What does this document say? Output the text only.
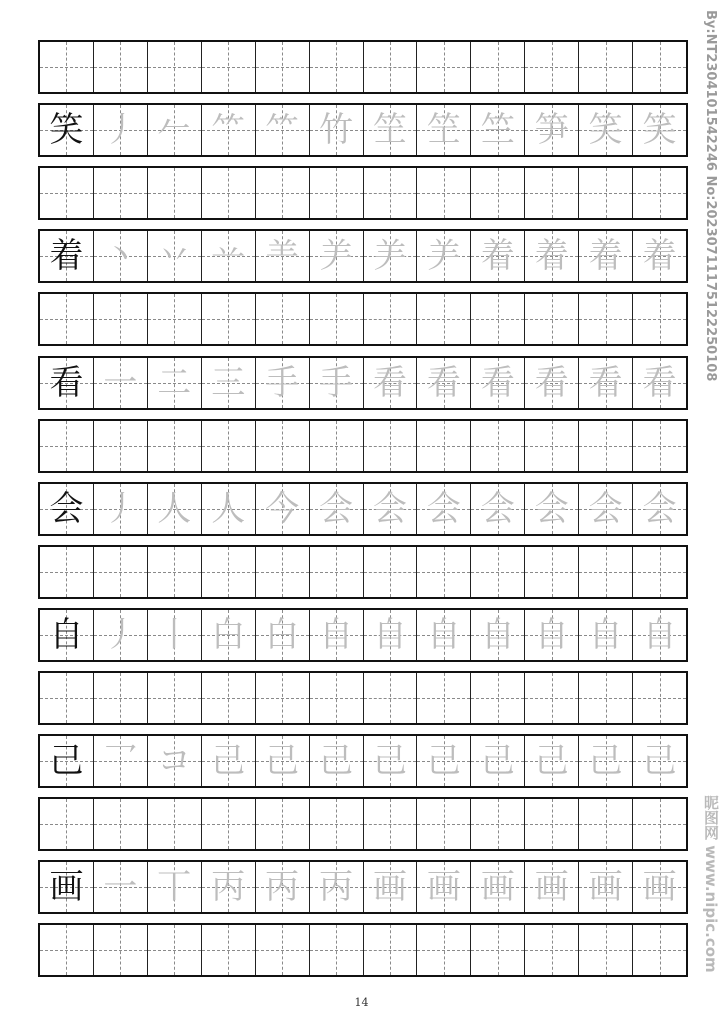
笑 丿 𠂉 ⺮ ⺮ 竹 笁 笁 竺 笋 笑 笑
着 丶 丷 䒑 ⺷ ⺶ ⺶ ⺶ 着 着 着 着
看 一 二 三 手 手 看 看 看 看 看 看
会 丿 人 人 今 会 会 会 会 会 会 会
自 丿 丨 白 白 自 自 自 自 自 自 自
己 乛 コ 己 己 己 己 己 己 己 己 己
画 一 丅 丙 丙 丙 画 画 画 画 画 画
14
By:NT2304101542246 No:20230711175122250108
昵图网 www.nipic.com
